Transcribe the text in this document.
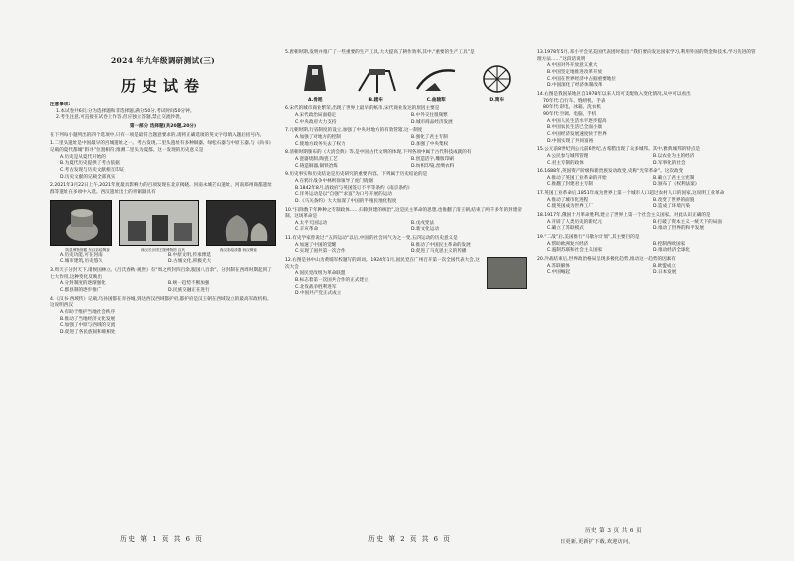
2024 年九年级调研测试(三)
历史试卷

注意事项:

1.本试卷共6页;分为选择题和非选择题,满分50分,考试时间50分钟。

2.考生注意,可直接在试卷上作答,但应独立答题,禁止交流抄袭。

第一部分 选择题(共20题,20分)

在下列每小题列出的四个选项中,只有一项是最符合题意要求的,请将正确选项的英文字母填入题后括号内。

1.二里头遗址是中国最早的宫城遗址之一。考古发现,二里头遗址有多种铜器、绿松石器与中原玉器,与《尚书》记载的夏代都城“斟寻”位置相符;推测二里头为夏都。这一发现的历史意义是

A.历史是从夏代开始的

B.为夏代历史提供了考古依据

C.考古发现与历史文献相互印证

D.历史文献的记载全部真实

2.2021年3月22日上午,2021年度最具影响力的百项发现在北京揭晓。河南永城芒山遗址、河南郑州商都遗址群等遗址在多项中入选。西汉遗址出土的青铜器具有

陕县博物馆藏 东汉彩绘陶奁	西汉长沙国王陵博物馆 汉代	西汉彩绘漆器 西汉铜壶

A.历史功能,可在河南	B.中原文明,传承博延

C.城市建筑,历史悠久	D.古城文化,积极光大

3.周天子分封天下,诸侯国林立,《吕氏春秋·观世》有“周之所封四百余,服国八百余”。分封制在西周时期起到了七大作用,这种变化反映出

A.分封制度的逐渐强化	B.统一趋势不断加强

C.郡县制的逐步推广	D.民族交融正在进行

4.《汉书·西域传》记载,乌孙国都在赤谷城,到达西汉西域都护府,都护府是汉王朝在西域设立的最高军政机构。这说明西汉

A.有助于维护当地社会秩序

B.推动了当地经济文化发展

C.加强了中原与西域的交流

D.促进了各民族间和睦相处

5.唐朝时期,发明并推广了一些重要的生产工具,大大提高了耕作效率,其中,“重要的生产工具”是

A.骨耜	B.耧车	C.曲辕犁	D.筒车

6.宋代的城市商业繁荣,出现了世界上最早的纸币,宋代商业发达的原因主要是

A.宋代政治局面稳定	B.中外交往很频繁

C.中央政府大力支持	D.城市商品经济发展

7.元朝时期,行省制度的设立,加强了中央对地方的有效管辖,这一制度

A.加强了对地方的控制	B.强化了君主专制

C.使地方政务失去了权力	D.加强了中央集权

8.清朝时期颁布的《大清会典》等,是中国古代文明的体现,下列各项中属于古代科技成就的有

A.瓷器烧制,陶瓷工艺	B.创造活字,雕版印刷

C.铸造铜器,铜铁冶炼	D.纺织印染,丝绸衣料

9.历史事实和历史结论是历史研究的重要内容。下列属于历史结论的是

A.在鸦片战争中林则徐领导了虎门销烟

B.1842年8月,清政府与英国签订不平等条约《南京条约》

C.洋务运动是以“自强”“求富”为口号开展的运动

D.《马关条约》大大加深了中国的半殖民地化程度

10.“扫除数千年种种之专制政体……扫除封建的统治”,这是民主革命的思想,也推翻了清王朝,结束了两千多年的封建帝制。这场革命是

A.太平天国运动	B.戊戌变法

C.辛亥革命	D.新文化运动

11.有史学家曾说过:“五四运动”以后,中国的社会风气为之一变,五四运动的历史意义是

A.加速了中国的觉醒	B.推动了中国民主革命的发展

C.实现了国共第一次合作	D.促进了马克思主义的传播

12.右图是孙中山为黄埔军校题写的训词。1924年1月,国民党在广州召开第一次全国代表大会,这次大会

A.国民党改组为革命联盟

B.标志着第一次国共合作的正式建立

C.北伐战争胜利进军

D.中国共产党正式成立

13.1978年5月,邓小平会见美国代表团时指出:“我们要向发达国家学习,利用外国的资金和技术,学习先进的管理方法……”这段话说明

A.中国对外开放意义重大

B.中国坚定地推进改革开放

C.中国在世界经济中占据重要地位

D.中国深化了经济体制改革

14.右图是我国某地区自1978年以来人均可支配收入变化情况,从中可以看出

70年代:自行车、缝纫机、手表

80年代:彩电、冰箱、洗衣机

90年代:空调、电脑、手机

A.中国人民生活水平逐步提高

B.中国农民生活已全面小康

C.中国经济发展速度快于世界

D.中国实现了共同富裕

15.公元前8世纪到公元前6世纪,古希腊出现了众多城邦。其中,雅典城邦的特点是

A.公民参与城邦管理	B.以农业为主的经济

C.君主专制的政体	D.军事化的社会

16.1688年,英国资产阶级和新贵族发动政变,史称“光荣革命”。这次政变

A.推动了英国工业革命的开始	B.确立了君主立宪制

C.推翻了封建君主专制	D.颁布了《权利法案》

17.英国工业革命后,1851年成为世界上第一个城市人口超过农村人口的国家,这说明工业革命

A.推动了城市化进程	B.改变了世界的面貌

C.使英国成为世界工厂	D.造成了环境污染

18.1917年,俄国十月革命胜利,建立了世界上第一个社会主义国家。对此认识正确的是

A.开辟了人类历史的新纪元	B.打破了资本主义一统天下的局面

C.确立了苏联模式	D.推动了世界的和平发展

19.“二战”后,美国推行“马歇尔计划”,其主要目的是

A.帮助欧洲复兴经济	B.控制西欧国家

C.遏制苏联和社会主义国家	D.推动经济全球化

20.冷战结束后,世界政治格局呈现多极化趋势,推动这一趋势的因素有

A.苏联解体	B.欧盟成立

C.中国崛起	D.日本发展

历史 第 1 页 共 6 页	历史 第 2 页 共 6 页
历史 第 3 页 共 6 页
日更新,更新扩下载,欢迎访问。
